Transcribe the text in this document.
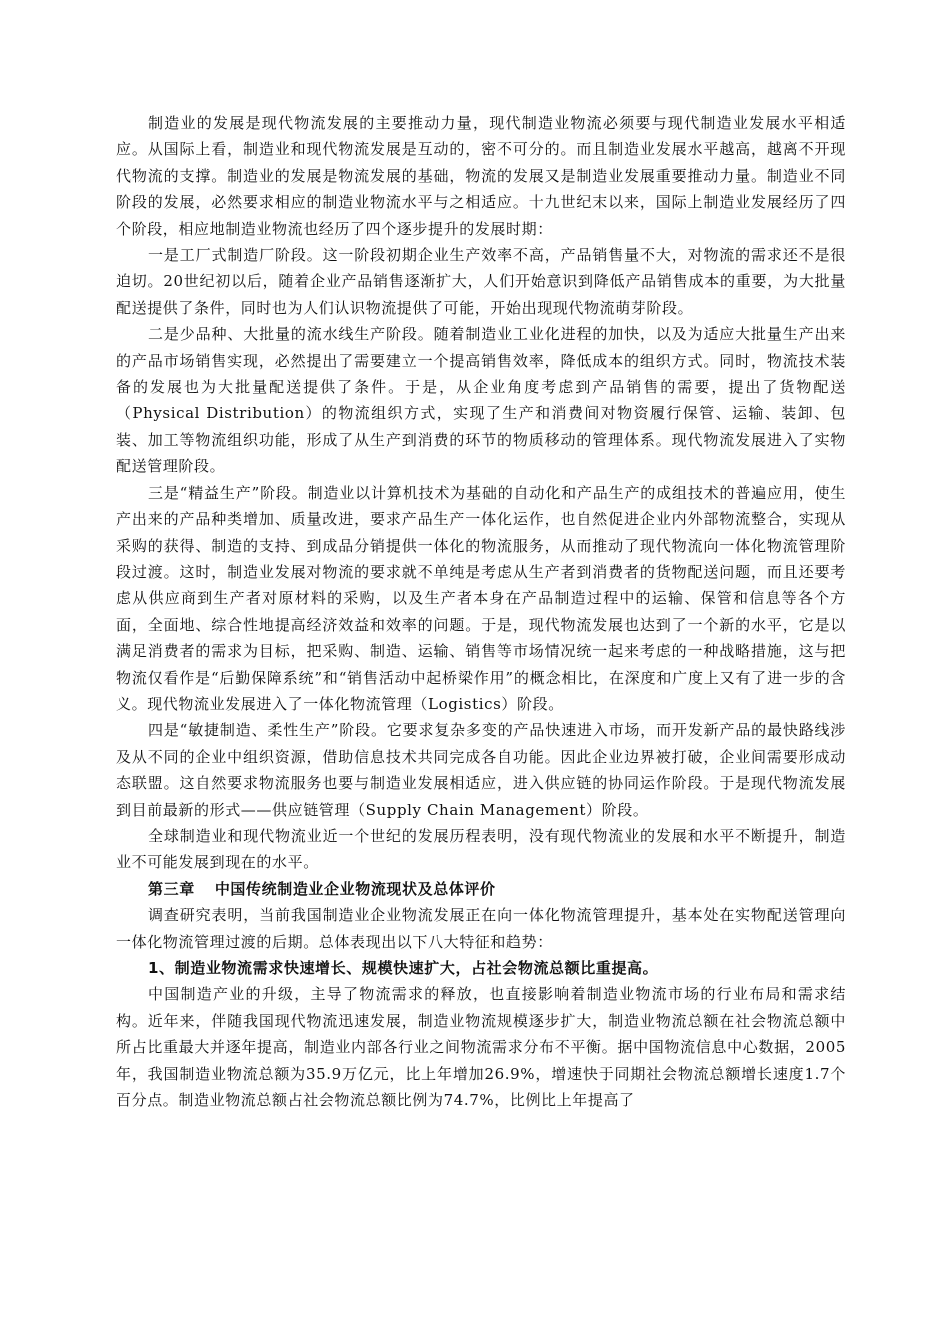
制造业的发展是现代物流发展的主要推动力量，现代制造业物流必须要与现代制造业发展水平相适应。从国际上看，制造业和现代物流发展是互动的，密不可分的。而且制造业发展水平越高，越离不开现代物流的支撑。制造业的发展是物流发展的基础，物流的发展又是制造业发展重要推动力量。制造业不同阶段的发展，必然要求相应的制造业物流水平与之相适应。十九世纪末以来，国际上制造业发展经历了四个阶段，相应地制造业物流也经历了四个逐步提升的发展时期：

一是工厂式制造厂阶段。这一阶段初期企业生产效率不高，产品销售量不大，对物流的需求还不是很迫切。20世纪初以后，随着企业产品销售逐渐扩大，人们开始意识到降低产品销售成本的重要，为大批量配送提供了条件，同时也为人们认识物流提供了可能，开始出现现代物流萌芽阶段。

二是少品种、大批量的流水线生产阶段。随着制造业工业化进程的加快，以及为适应大批量生产出来的产品市场销售实现，必然提出了需要建立一个提高销售效率，降低成本的组织方式。同时，物流技术装备的发展也为大批量配送提供了条件。于是，从企业角度考虑到产品销售的需要，提出了货物配送（Physical Distribution）的物流组织方式，实现了生产和消费间对物资履行保管、运输、装卸、包装、加工等物流组织功能，形成了从生产到消费的环节的物质移动的管理体系。现代物流发展进入了实物配送管理阶段。

三是“精益生产”阶段。制造业以计算机技术为基础的自动化和产品生产的成组技术的普遍应用，使生产出来的产品种类增加、质量改进，要求产品生产一体化运作，也自然促进企业内外部物流整合，实现从采购的获得、制造的支持、到成品分销提供一体化的物流服务，从而推动了现代物流向一体化物流管理阶段过渡。这时，制造业发展对物流的要求就不单纯是考虑从生产者到消费者的货物配送问题，而且还要考虑从供应商到生产者对原材料的采购，以及生产者本身在产品制造过程中的运输、保管和信息等各个方面，全面地、综合性地提高经济效益和效率的问题。于是，现代物流发展也达到了一个新的水平，它是以满足消费者的需求为目标，把采购、制造、运输、销售等市场情况统一起来考虑的一种战略措施，这与把物流仅看作是“后勤保障系统”和“销售活动中起桥梁作用”的概念相比，在深度和广度上又有了进一步的含义。现代物流业发展进入了一体化物流管理（Logistics）阶段。

四是“敏捷制造、柔性生产”阶段。它要求复杂多变的产品快速进入市场，而开发新产品的最快路线涉及从不同的企业中组织资源，借助信息技术共同完成各自功能。因此企业边界被打破，企业间需要形成动态联盟。这自然要求物流服务也要与制造业发展相适应，进入供应链的协同运作阶段。于是现代物流发展到目前最新的形式——供应链管理（Supply Chain Management）阶段。

全球制造业和现代物流业近一个世纪的发展历程表明，没有现代物流业的发展和水平不断提升，制造业不可能发展到现在的水平。

第三章 中国传统制造业企业物流现状及总体评价

调查研究表明，当前我国制造业企业物流发展正在向一体化物流管理提升，基本处在实物配送管理向一体化物流管理过渡的后期。总体表现出以下八大特征和趋势：

1、制造业物流需求快速增长、规模快速扩大，占社会物流总额比重提高。

中国制造产业的升级，主导了物流需求的释放，也直接影响着制造业物流市场的行业布局和需求结构。近年来，伴随我国现代物流迅速发展，制造业物流规模逐步扩大，制造业物流总额在社会物流总额中所占比重最大并逐年提高，制造业内部各行业之间物流需求分布不平衡。据中国物流信息中心数据，2005年，我国制造业物流总额为35.9万亿元，比上年增加26.9%，增速快于同期社会物流总额增长速度1.7个百分点。制造业物流总额占社会物流总额比例为74.7%，比例比上年提高了
